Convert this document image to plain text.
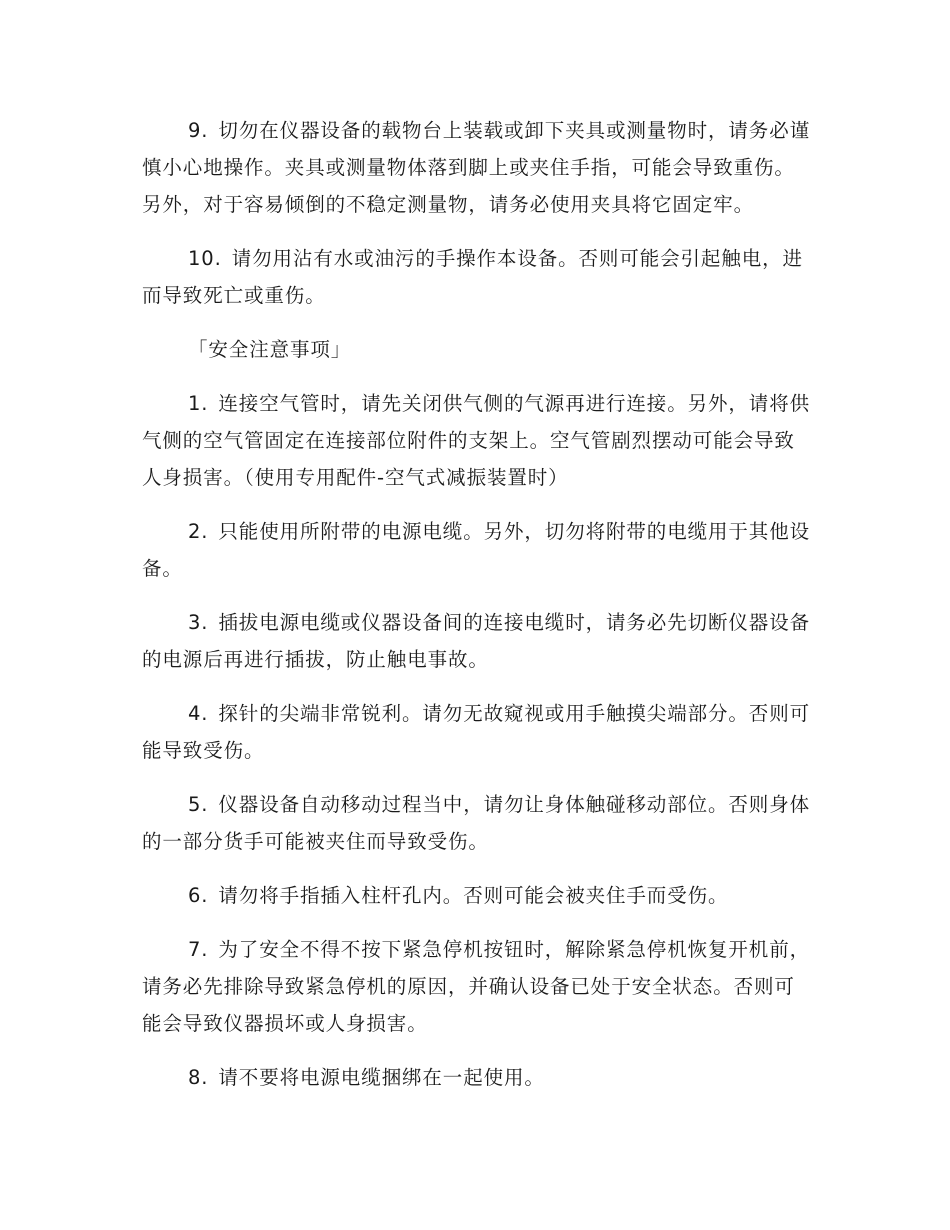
9. 切勿在仪器设备的载物台上装载或卸下夹具或测量物时，请务必谨慎小心地操作。夹具或测量物体落到脚上或夹住手指，可能会导致重伤。另外，对于容易倾倒的不稳定测量物，请务必使用夹具将它固定牢。

10. 请勿用沾有水或油污的手操作本设备。否则可能会引起触电，进而导致死亡或重伤。

「安全注意事项」

1. 连接空气管时，请先关闭供气侧的气源再进行连接。另外，请将供气侧的空气管固定在连接部位附件的支架上。空气管剧烈摆动可能会导致人身损害。（使用专用配件-空气式减振装置时）

2. 只能使用所附带的电源电缆。另外，切勿将附带的电缆用于其他设备。

3. 插拔电源电缆或仪器设备间的连接电缆时，请务必先切断仪器设备的电源后再进行插拔，防止触电事故。

4. 探针的尖端非常锐利。请勿无故窥视或用手触摸尖端部分。否则可能导致受伤。

5. 仪器设备自动移动过程当中，请勿让身体触碰移动部位。否则身体的一部分货手可能被夹住而导致受伤。

6. 请勿将手指插入柱杆孔内。否则可能会被夹住手而受伤。

7. 为了安全不得不按下紧急停机按钮时，解除紧急停机恢复开机前，请务必先排除导致紧急停机的原因，并确认设备已处于安全状态。否则可能会导致仪器损坏或人身损害。

8. 请不要将电源电缆捆绑在一起使用。
